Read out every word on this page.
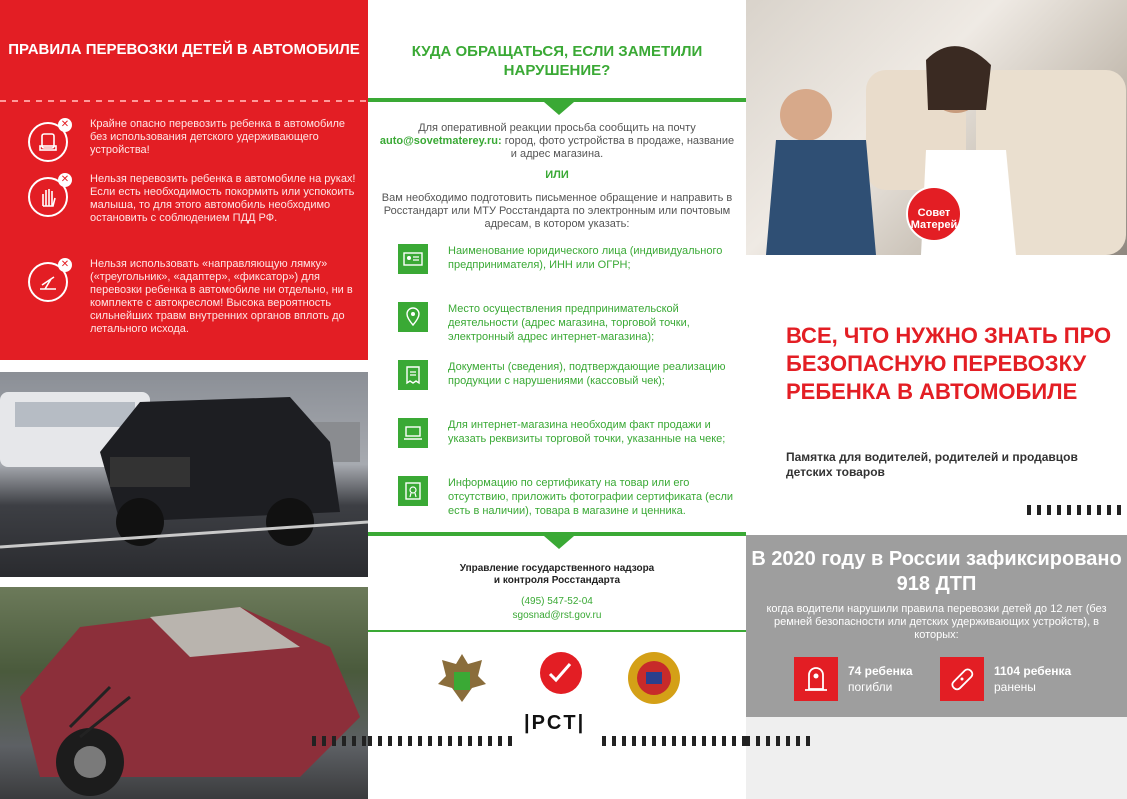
ПРАВИЛА ПЕРЕВОЗКИ ДЕТЕЙ В АВТОМОБИЛЕ
✕ Крайне опасно перевозить ребенка в автомобиле без использования детского удерживающего устройства!

✕ Нельзя перевозить ребенка в автомобиле на руках! Если есть необходимость покормить или успокоить малыша, то для этого автомобиль необходимо остановить с соблюдением ПДД РФ.

✕ Нельзя использовать «направляющую лямку» («треугольник», «адаптер», «фиксатор») для перевозки ребенка в автомобиле ни отдельно, ни в комплекте с автокреслом! Высока вероятность сильнейших травм внутренних органов вплоть до летального исхода.

КУДА ОБРАЩАТЬСЯ, ЕСЛИ ЗАМЕТИЛИ НАРУШЕНИЕ?
Для оперативной реакции просьба сообщить на почту
auto@sovetmaterey.ru: город, фото устройства в продаже, название и адрес магазина.
ИЛИ
Вам необходимо подготовить письменное обращение и направить в Росстандарт или МТУ Росстандарта по электронным или почтовым адресам, в котором указать:

Наименование юридического лица (индивидуального предпринимателя), ИНН или ОГРН;

Место осуществления предпринимательской деятельности (адрес магазина, торговой точки, электронный адрес интернет-магазина);

Документы (сведения), подтверждающие реализацию продукции с нарушениями (кассовый чек);

Для интернет-магазина необходим факт продажи и указать реквизиты торговой точки, указанные на чеке;

Информацию по сертификату на товар или его отсутствию, приложить фотографии сертификата (если есть в наличии), товара в магазине и ценника.

Управление государственного надзора
и контроля Росстандарта
(495) 547-52-04
sgosnad@rst.gov.ru
|PCT|
Совет Матерей
ВСЕ, ЧТО НУЖНО ЗНАТЬ ПРО БЕЗОПАСНУЮ ПЕРЕВОЗКУ РЕБЕНКА В АВТОМОБИЛЕ
Памятка для водителей, родителей и продавцов детских товаров
В 2020 году в России зафиксировано 918 ДТП
когда водители нарушили правила перевозки детей до 12 лет (без ремней безопасности или детских удерживающих устройств), в которых:
74 ребенка
погибли
1104 ребенка
ранены
